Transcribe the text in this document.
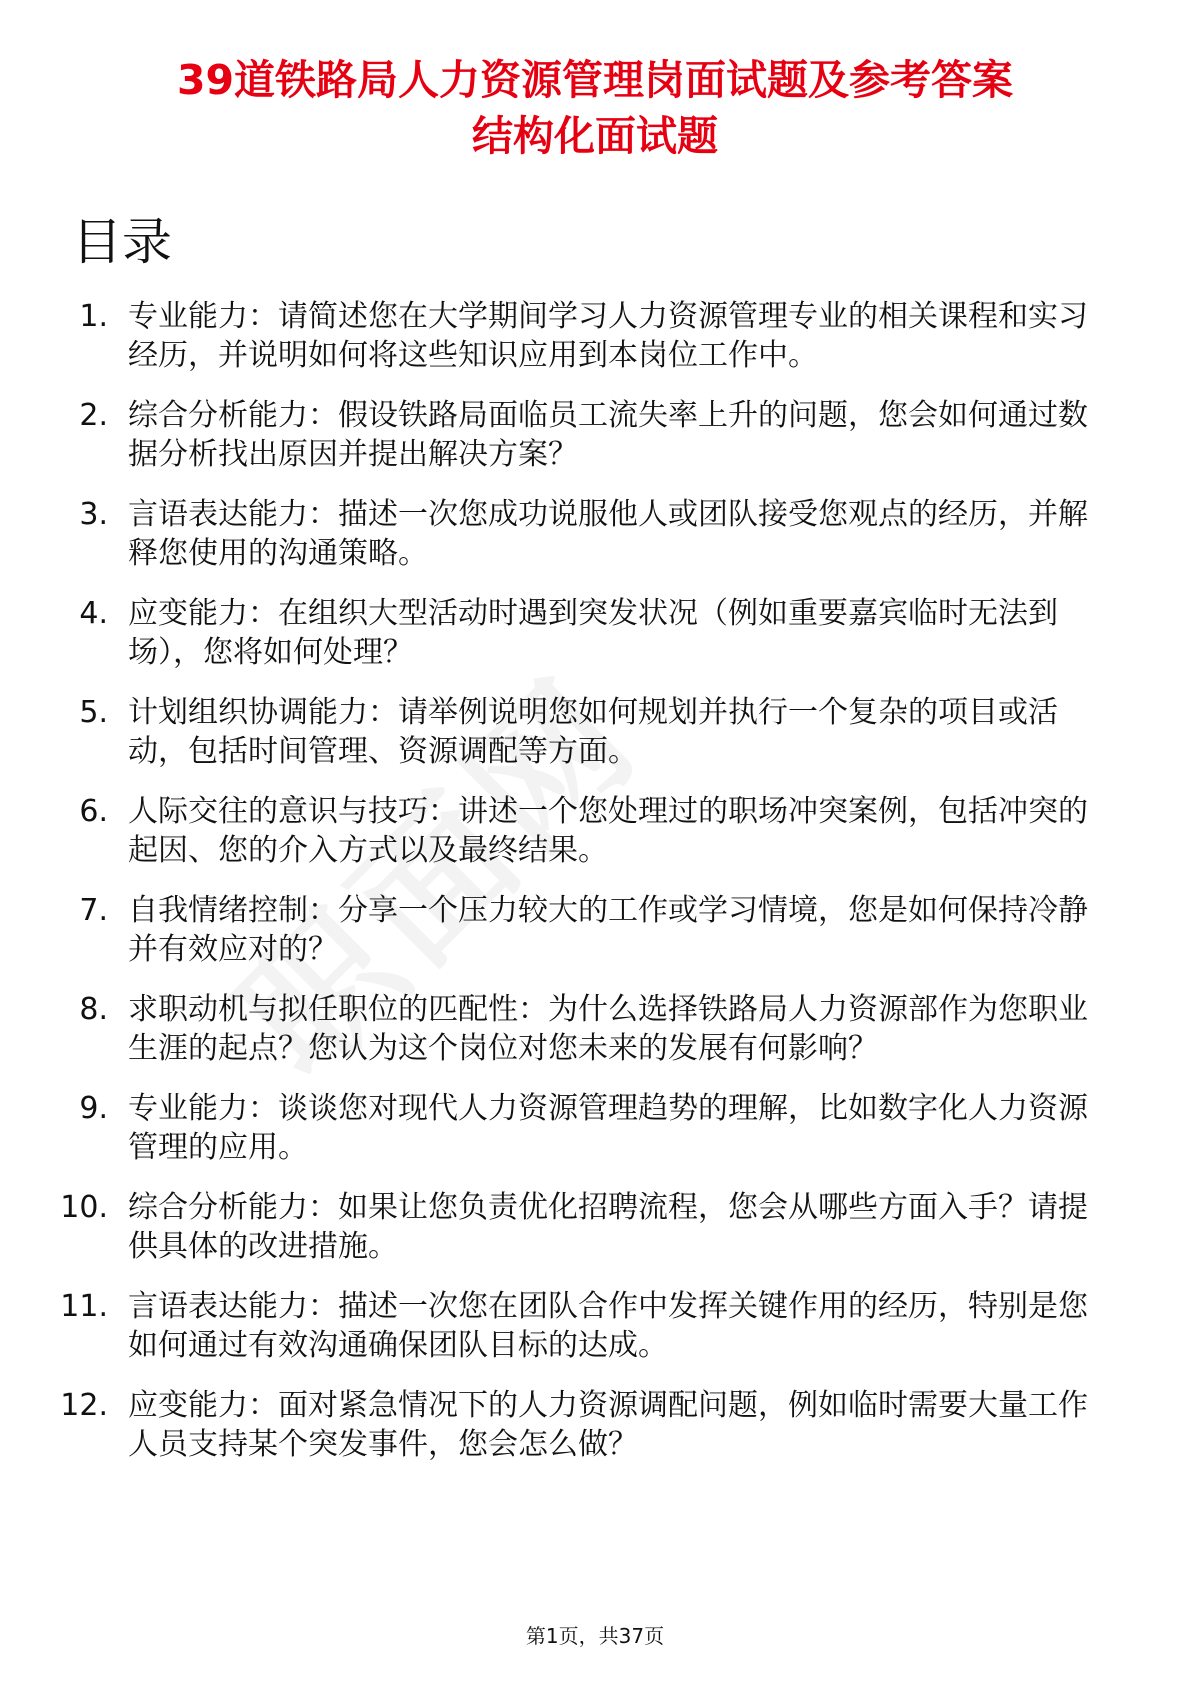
39道铁路局人力资源管理岗面试题及参考答案
结构化面试题
目录
1. 专业能力：请简述您在大学期间学习人力资源管理专业的相关课程和实习经历，并说明如何将这些知识应用到本岗位工作中。
2. 综合分析能力：假设铁路局面临员工流失率上升的问题，您会如何通过数据分析找出原因并提出解决方案？
3. 言语表达能力：描述一次您成功说服他人或团队接受您观点的经历，并解释您使用的沟通策略。
4. 应变能力：在组织大型活动时遇到突发状况（例如重要嘉宾临时无法到场），您将如何处理？
5. 计划组织协调能力：请举例说明您如何规划并执行一个复杂的项目或活动，包括时间管理、资源调配等方面。
6. 人际交往的意识与技巧：讲述一个您处理过的职场冲突案例，包括冲突的起因、您的介入方式以及最终结果。
7. 自我情绪控制：分享一个压力较大的工作或学习情境，您是如何保持冷静并有效应对的？
8. 求职动机与拟任职位的匹配性：为什么选择铁路局人力资源部作为您职业生涯的起点？您认为这个岗位对您未来的发展有何影响？
9. 专业能力：谈谈您对现代人力资源管理趋势的理解，比如数字化人力资源管理的应用。
10. 综合分析能力：如果让您负责优化招聘流程，您会从哪些方面入手？请提供具体的改进措施。
11. 言语表达能力：描述一次您在团队合作中发挥关键作用的经历，特别是您如何通过有效沟通确保团队目标的达成。
12. 应变能力：面对紧急情况下的人力资源调配问题，例如临时需要大量工作人员支持某个突发事件，您会怎么做？
第1页，共37页
